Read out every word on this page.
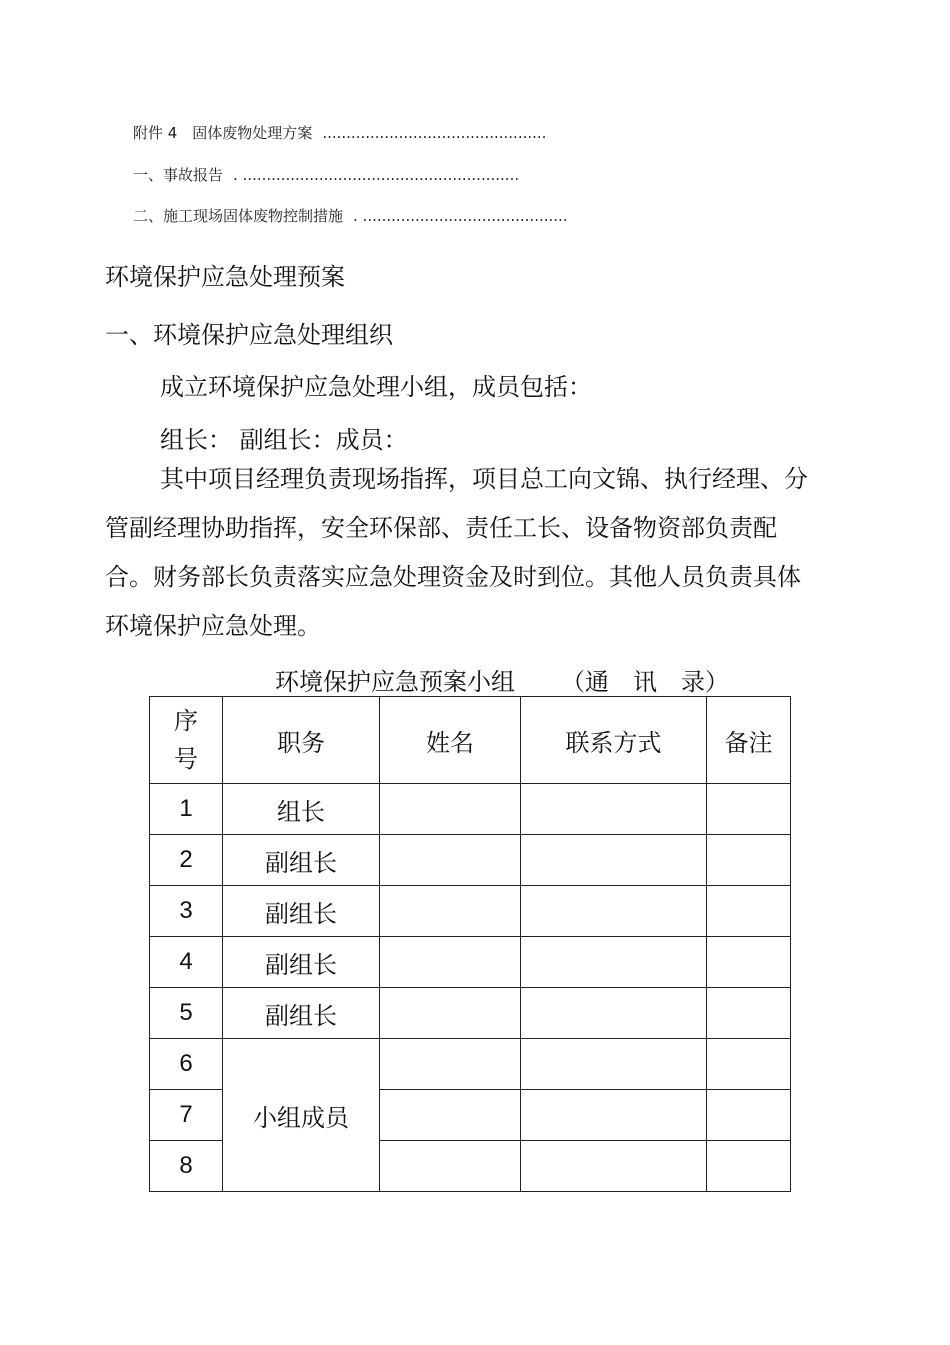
附件 4　固体废物处理方案 ...............................................
一、事故报告 . ..........................................................
二、施工现场固体废物控制措施 . ...........................................
环境保护应急处理预案
一、环境保护应急处理组织
成立环境保护应急处理小组，成员包括：
组长： 副组长：成员：
其中项目经理负责现场指挥，项目总工向文锦、执行经理、分管副经理协助指挥，安全环保部、责任工长、设备物资部负责配合。财务部长负责落实应急处理资金及时到位。其他人员负责具体环境保护应急处理。
环境保护应急预案小组 （通　讯　录）
序
号	职务	姓名	联系方式	备注
1	组长			
2	副组长			
3	副组长			
4	副组长			
5	副组长			
6	小组成员			
7				
8				
